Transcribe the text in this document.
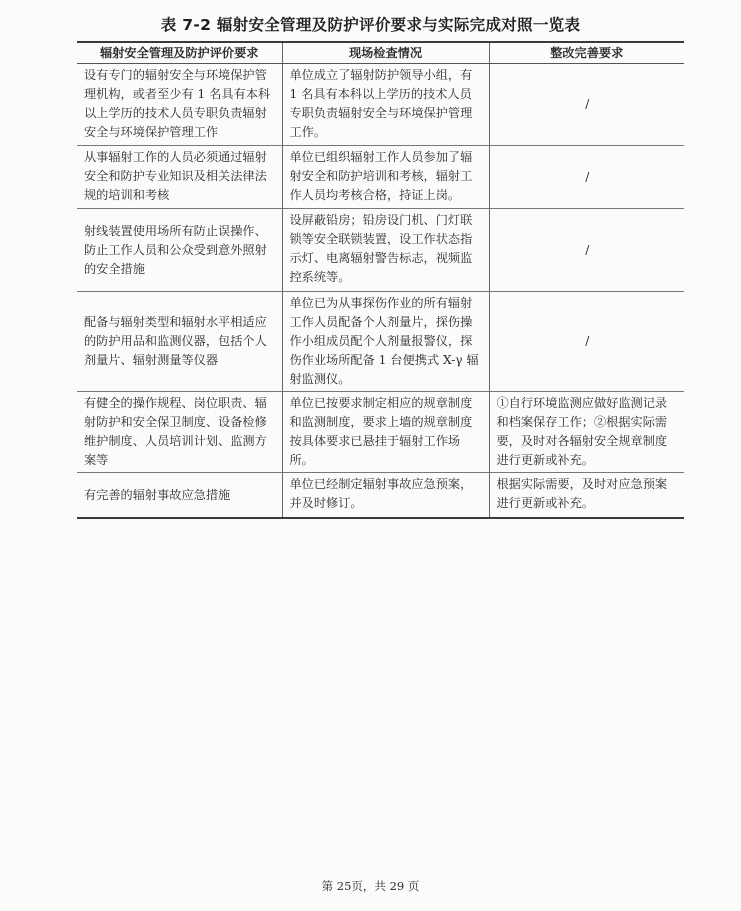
表 7-2 辐射安全管理及防护评价要求与实际完成对照一览表
辐射安全管理及防护评价要求	现场检查情况	整改完善要求
设有专门的辐射安全与环境保护管理机构，或者至少有 1 名具有本科以上学历的技术人员专职负责辐射安全与环境保护管理工作	单位成立了辐射防护领导小组，有 1 名具有本科以上学历的技术人员专职负责辐射安全与环境保护管理工作。	/
从事辐射工作的人员必须通过辐射安全和防护专业知识及相关法律法规的培训和考核	单位已组织辐射工作人员参加了辐射安全和防护培训和考核，辐射工作人员均考核合格，持证上岗。	/
射线装置使用场所有防止误操作、防止工作人员和公众受到意外照射的安全措施	设屏蔽铅房；铅房设门机、门灯联锁等安全联锁装置，设工作状态指示灯、电离辐射警告标志，视频监控系统等。	/
配备与辐射类型和辐射水平相适应的防护用品和监测仪器，包括个人剂量片、辐射测量等仪器	单位已为从事探伤作业的所有辐射工作人员配备个人剂量片，探伤操作小组成员配个人剂量报警仪，探伤作业场所配备 1 台便携式 X-γ 辐射监测仪。	/
有健全的操作规程、岗位职责、辐射防护和安全保卫制度、设备检修维护制度、人员培训计划、监测方案等	单位已按要求制定相应的规章制度和监测制度，要求上墙的规章制度按具体要求已悬挂于辐射工作场所。	①自行环境监测应做好监测记录和档案保存工作；②根据实际需要，及时对各辐射安全规章制度进行更新或补充。
有完善的辐射事故应急措施	单位已经制定辐射事故应急预案，并及时修订。	根据实际需要，及时对应急预案进行更新或补充。
第 25页，共 29 页
